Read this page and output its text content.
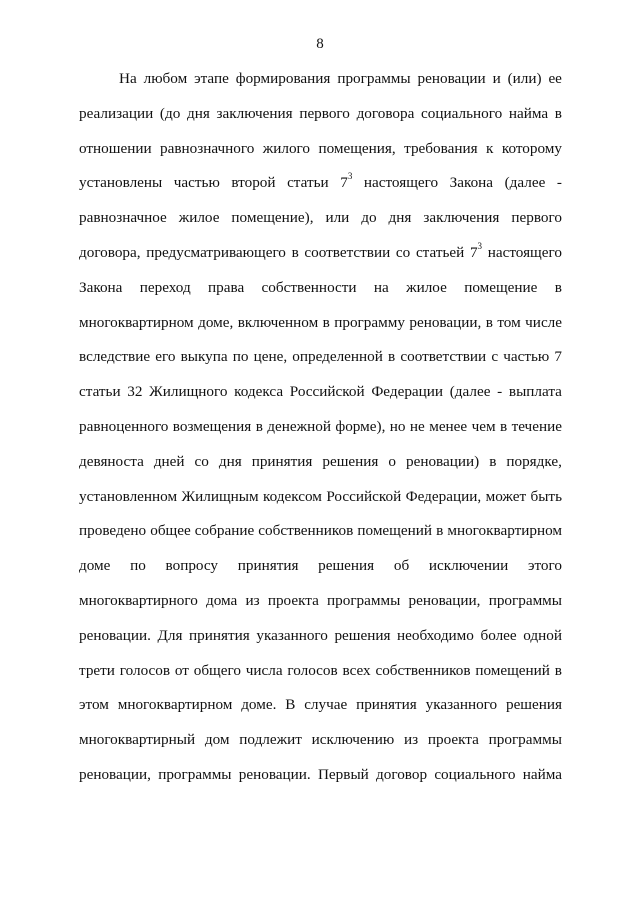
8
На любом этапе формирования программы реновации и (или) ее
реализации (до дня заключения первого договора социального найма в
отношении равнозначного жилого помещения, требования к которому
установлены частью второй статьи $7^3$ настоящего Закона (далее -
равнозначное жилое помещение), или до дня заключения первого
договора, предусматривающего в соответствии со статьей $7^3$ настоящего
Закона переход права собственности на жилое помещение в
многоквартирном доме, включенном в программу реновации, в том числе
вследствие его выкупа по цене, определенной в соответствии с частью 7
статьи 32 Жилищного кодекса Российской Федерации (далее - выплата
равноценного возмещения в денежной форме), но не менее чем в течение
девяноста дней со дня принятия решения о реновации) в порядке,
установленном Жилищным кодексом Российской Федерации, может быть
проведено общее собрание собственников помещений в многоквартирном
доме по вопросу принятия решения об исключении этого
многоквартирного дома из проекта программы реновации, программы
реновации. Для принятия указанного решения необходимо более одной
трети голосов от общего числа голосов всех собственников помещений в
этом многоквартирном доме. В случае принятия указанного решения
многоквартирный дом подлежит исключению из проекта программы
реновации, программы реновации. Первый договор социального найма
